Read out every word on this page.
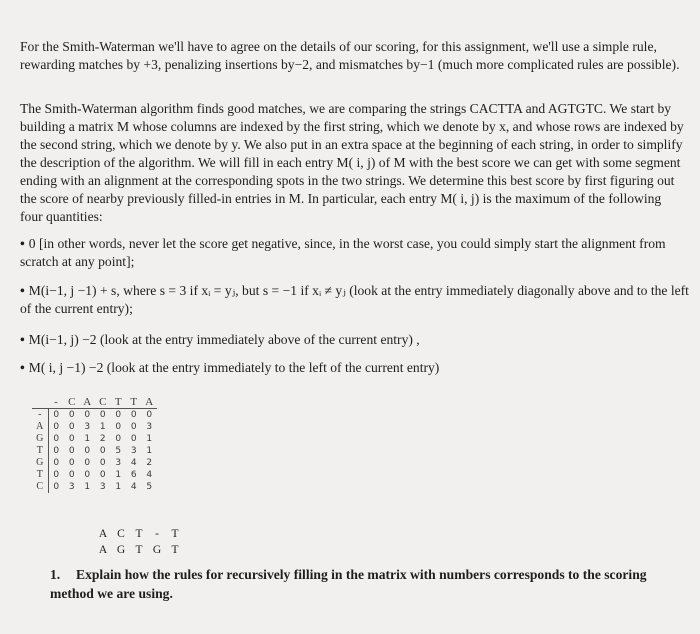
For the Smith-Waterman we'll have to agree on the details of our scoring, for this assignment, we'll use a simple rule, rewarding matches by +3, penalizing insertions by−2, and mismatches by−1 (much more complicated rules are possible).

The Smith-Waterman algorithm finds good matches, we are comparing the strings CACTTA and AGTGTC. We start by building a matrix M whose columns are indexed by the first string, which we denote by x, and whose rows are indexed by the second string, which we denote by y. We also put in an extra space at the beginning of each string, in order to simplify the description of the algorithm. We will fill in each entry M( i, j) of M with the best score we can get with some segment ending with an alignment at the corresponding spots in the two strings. We determine this best score by first figuring out the score of nearby previously filled-in entries in M. In particular, each entry M( i, j) is the maximum of the following four quantities:

• 0 [in other words, never let the score get negative, since, in the worst case, you could simply start the alignment from scratch at any point];

• M(i−1, j −1) + s, where s = 3 if xᵢ = yⱼ, but s = −1 if xᵢ ≠ yⱼ (look at the entry immediately diagonally above and to the left of the current entry);

• M(i−1, j) −2 (look at the entry immediately above of the current entry) ,

• M( i, j −1) −2 (look at the entry immediately to the left of the current entry)

	-	C	A	C	T	T	A
-	0	0	0	0	0	0	0
A	0	0	3	1	0	0	3
G	0	0	1	2	0	0	1
T	0	0	0	0	5	3	1
G	0	0	0	0	3	4	2
T	0	0	0	0	1	6	4
C	0	3	1	3	1	4	5

A C T - T

A G T G T

1. Explain how the rules for recursively filling in the matrix with numbers corresponds to the scoring method we are using.
